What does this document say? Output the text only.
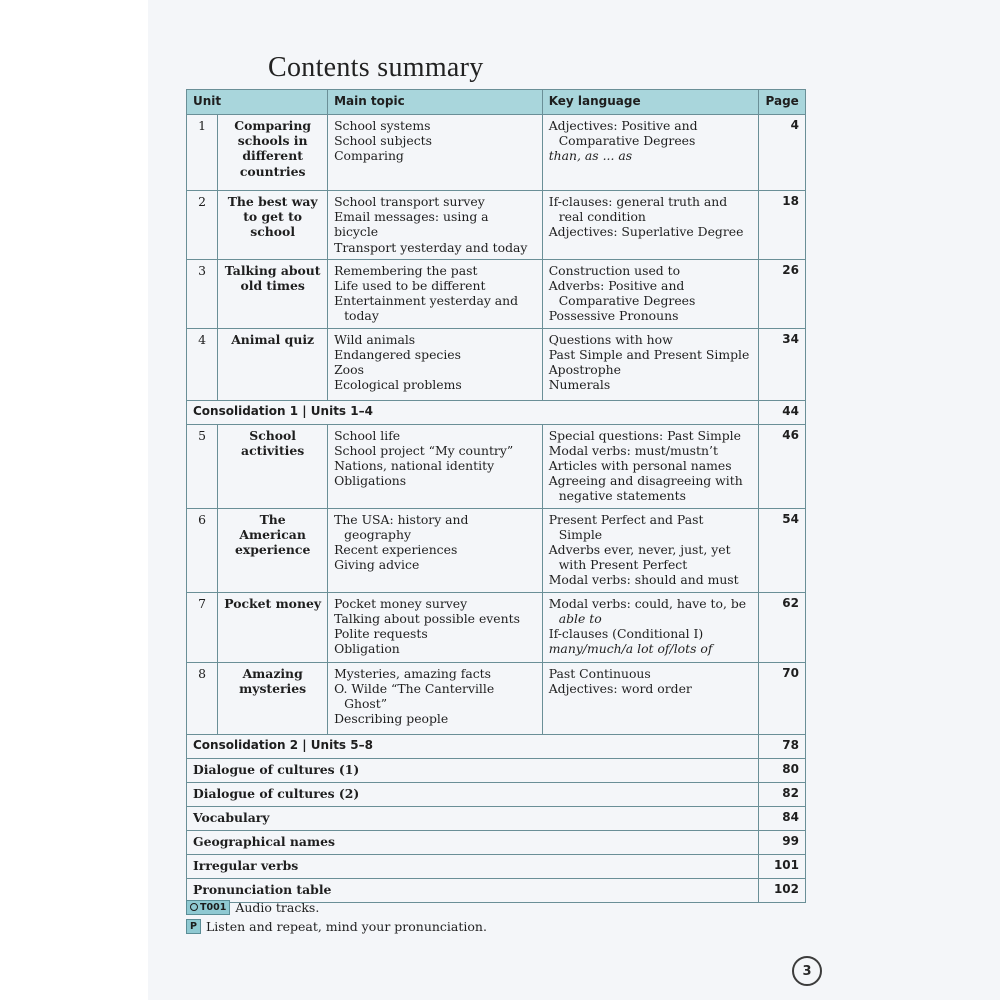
Contents summary
Unit		Main topic	Key language	Page
1	Comparing
schools in
different
countries	School systems
School subjects
Comparing	Adjectives: Positive and
Comparative Degrees
than, as ... as	4
2	The best way
to get to
school	School transport survey
Email messages: using a bicycle
Transport yesterday and today	If-clauses: general truth and
real condition
Adjectives: Superlative Degree	18
3	Talking about
old times	Remembering the past
Life used to be different
Entertainment yesterday and
today	Construction used to
Adverbs: Positive and
Comparative Degrees
Possessive Pronouns	26
4	Animal quiz	Wild animals
Endangered species
Zoos
Ecological problems	Questions with how
Past Simple and Present Simple
Apostrophe
Numerals	34
Consolidation 1 | Units 1–4				44
5	School
activities	School life
School project “My country”
Nations, national identity
Obligations	Special questions: Past Simple
Modal verbs: must/mustn’t
Articles with personal names
Agreeing and disagreeing with
negative statements	46
6	The American
experience	The USA: history and
geography
Recent experiences
Giving advice	Present Perfect and Past
Simple
Adverbs ever, never, just, yet
with Present Perfect
Modal verbs: should and must	54
7	Pocket money	Pocket money survey
Talking about possible events
Polite requests
Obligation	Modal verbs: could, have to, be
able to
If-clauses (Conditional I)
many/much/a lot of/lots of	62
8	Amazing
mysteries	Mysteries, amazing facts
O. Wilde “The Canterville
Ghost”
Describing people	Past Continuous
Adjectives: word order	70
Consolidation 2 | Units 5–8				78
Dialogue of cultures (1)				80
Dialogue of cultures (2)				82
Vocabulary				84
Geographical names				99
Irregular verbs				101
Pronunciation table				102
T001 Audio tracks.
P Listen and repeat, mind your pronunciation.
3
